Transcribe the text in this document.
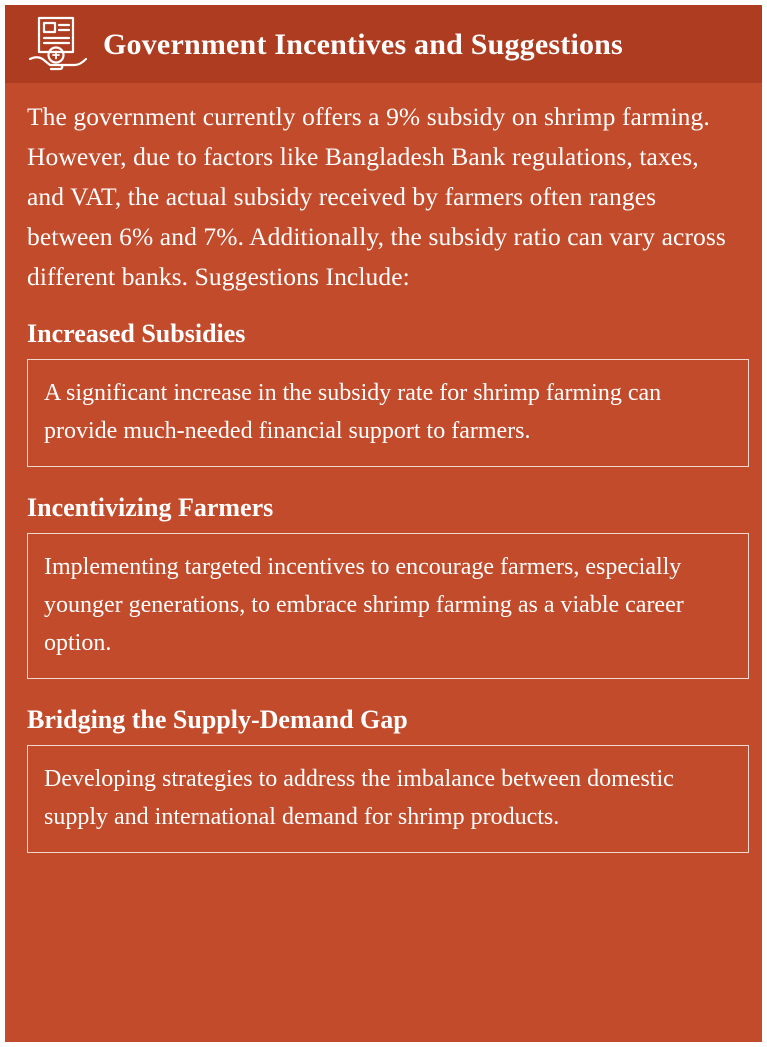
Government Incentives and Suggestions

The government currently offers a 9% subsidy on shrimp farming. However, due to factors like Bangladesh Bank regulations, taxes, and VAT, the actual subsidy received by farmers often ranges between 6% and 7%. Additionally, the subsidy ratio can vary across different banks. Suggestions Include:

Increased Subsidies

A significant increase in the subsidy rate for shrimp farming can provide much-needed financial support to farmers.

Incentivizing Farmers

Implementing targeted incentives to encourage farmers, especially younger generations, to embrace shrimp farming as a viable career option.

Bridging the Supply-Demand Gap

Developing strategies to address the imbalance between domestic supply and international demand for shrimp products.
